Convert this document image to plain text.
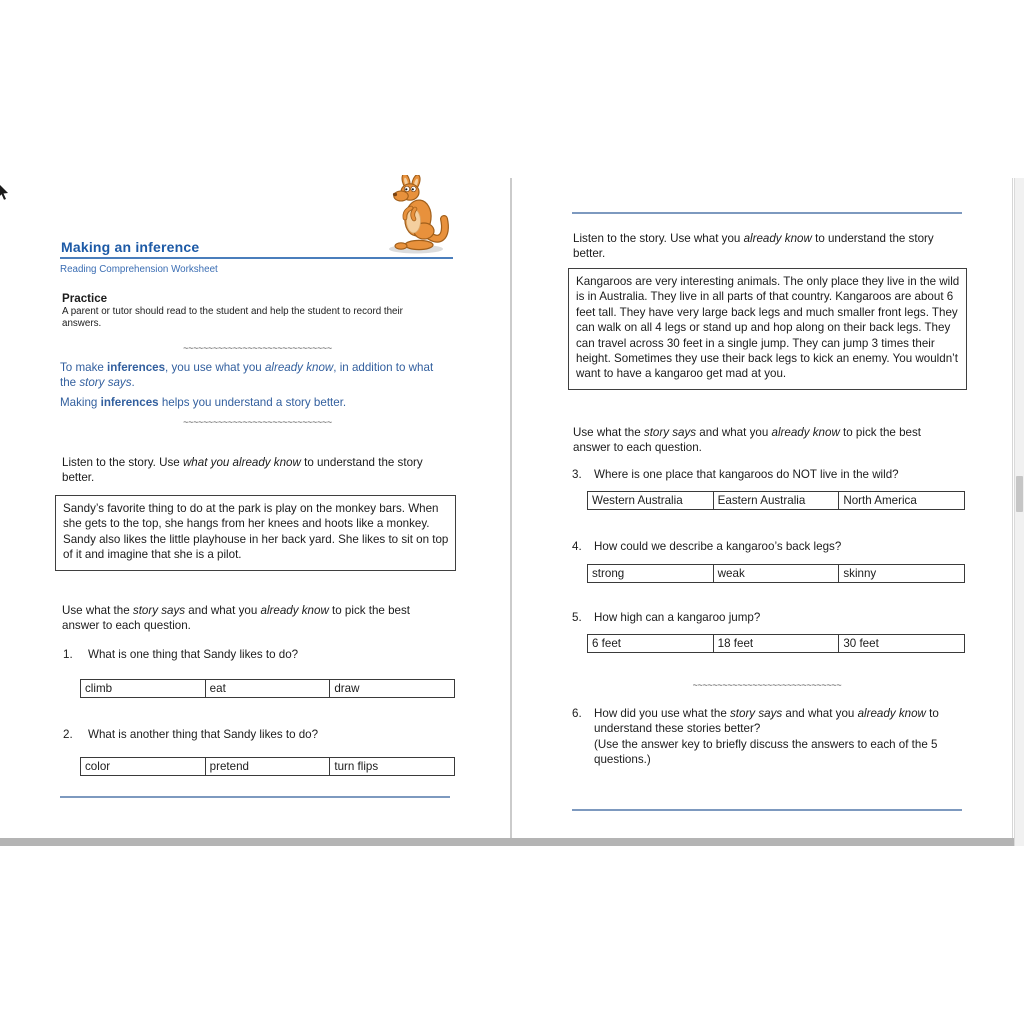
Making an inference
Reading Comprehension Worksheet
Practice
A parent or tutor should read to the student and help the student to record their answers.
~~~~~~~~~~~~~~~~~~~~~~~~~~~~~~
To make inferences, you use what you already know, in addition to what the story says.
Making inferences helps you understand a story better.
~~~~~~~~~~~~~~~~~~~~~~~~~~~~~~
Listen to the story. Use what you already know to understand the story better.
Sandy’s favorite thing to do at the park is play on the monkey bars. When she gets to the top, she hangs from her knees and hoots like a monkey. Sandy also likes the little playhouse in her back yard. She likes to sit on top of it and imagine that she is a pilot.
Use what the story says and what you already know to pick the best answer to each question.
1.	What is one thing that Sandy likes to do?
climb	eat	draw
2.	What is another thing that Sandy likes to do?
color	pretend	turn flips
Listen to the story. Use what you already know to understand the story better.
Kangaroos are very interesting animals. The only place they live in the wild is in Australia. They live in all parts of that country. Kangaroos are about 6 feet tall. They have very large back legs and much smaller front legs. They can walk on all 4 legs or stand up and hop along on their back legs. They can travel across 30 feet in a single jump. They can jump 3 times their height. Sometimes they use their back legs to kick an enemy. You wouldn’t want to have a kangaroo get mad at you.
Use what the story says and what you already know to pick the best answer to each question.
3.	Where is one place that kangaroos do NOT live in the wild?
Western Australia	Eastern Australia	North America
4.	How could we describe a kangaroo’s back legs?
strong	weak	skinny
5.	How high can a kangaroo jump?
6 feet	18 feet	30 feet
~~~~~~~~~~~~~~~~~~~~~~~~~~~~~~
6.	How did you use what the story says and what you already know to understand these stories better?
(Use the answer key to briefly discuss the answers to each of the 5 questions.)
